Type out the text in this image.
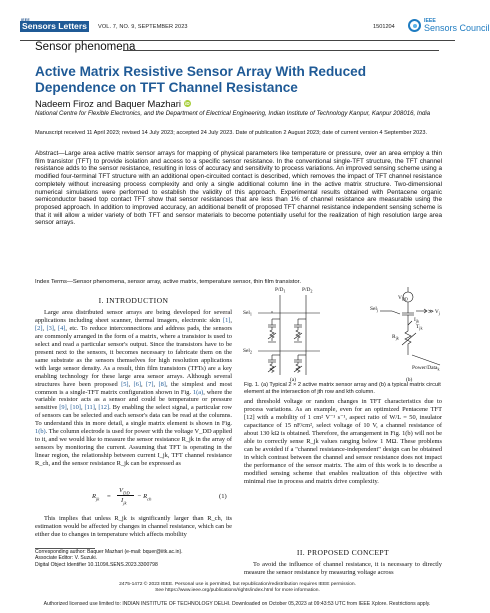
IEEE
Sensors Letters	VOL. 7, NO. 9, SEPTEMBER 2023	1501204
IEEE
Sensors Council
Sensor phenomena
Active Matrix Resistive Sensor Array With Reduced Dependence on TFT Channel Resistance
Nadeem Firoz and Baquer Mazhari iD
National Centre for Flexible Electronics, and the Department of Electrical Engineering, Indian Institute of Technology Kanpur, Kanpur 208016, India
Manuscript received 11 April 2023; revised 14 July 2023; accepted 24 July 2023. Date of publication 2 August 2023; date of current version 4 September 2023.
Abstract—Large area active matrix sensor arrays for mapping of physical parameters like temperature or pressure, over an area employ a thin film transistor (TFT) to provide isolation and access to a specific sensor resistance. In the conventional single-TFT structure, the TFT channel resistance adds to the sensor resistance, resulting in loss of accuracy and sensitivity to process variations. An improved sensing scheme using a modified four-terminal TFT structure with an additional open-circuited contact is described, which removes the impact of TFT channel resistance completely without increasing process complexity and only a single additional column line in the active matrix structure. Two-dimensional numerical simulations were performed to establish the validity of this approach. Experimental results obtained with Pentacene organic semiconductor based top contact TFT show that sensor resistances that are less than 1% of channel resistance are measurable using the proposed approach. In addition to improved accuracy, an additional benefit of proposed TFT channel resistance independent sensing scheme is that it will allow a wider variety of both TFT and sensor materials to become potentially useful for the realization of high resolution large area sensor arrays.
Index Terms—Sensor phenomena, sensor array, active matrix, temperature sensor, thin film transistor.
I. INTRODUCTION

Large area distributed sensor arrays are being developed for several applications including sheet scanner, thermal imagers, electronic skin [1], [2], [3], [4], etc. To reduce interconnections and address pads, the sensors are commonly arranged in the form of a matrix, where a transistor is used to select and read a particular sensor's output. Since the transistors have to be present next to the sensors, it becomes necessary to fabricate them on the same substrate as the sensors themselves for high resolution applications with large sensor density. As a result, thin film transistors (TFTs) are a key enabling technology for these large area sensor arrays. Although several structures have been proposed [5], [6], [7], [8], the simplest and most common is a single-TFT matrix configuration shown in Fig. 1(a), where the variable resistor acts as a sensor and could be temperature or pressure sensitive [9], [10], [11], [12]. By enabling the select signal, a particular row of sensors can be selected and each sensor's data can be read at the columns. To understand this in more detail, a single matrix element is shown in Fig. 1(b). The column electrode is used for power with the voltage V_DD applied to it, and we would like to measure the sensor resistance R_jk in the array of sensors by monitoring the current. Assuming that TFT is operating in the linear region, the relationship between current I_jk, TFT channel resistance R_ch, and the sensor resistance R_jk can be expressed as

$R_{jk}$ =
$V_{DD}$
$I_{jk}$
− $R_{ch}$	(1)

This implies that unless R_jk is significantly larger than R_ch, its estimation would be affected by changes in channel resistance, which can be either due to changes in temperature which affects mobility

Corresponding author: Baquer Mazhari (e-mail: bquer@iitk.ac.in).
Associate Editor: V. Suzuki.
Digital Object Identifier 10.1109/LSENS.2023.3300798
$P/D_1$	$P/D_2$
Sel$_1$
Sel$_2$
(a)
$V_{DD}$
Sel$_j$	≫ $V_j$
$I_{jk}$
$T_{jk}$
$R_{jk}$
Power/Data$_k$
(b)
Fig. 1. (a) Typical 2 × 2 active matrix sensor array and (b) a typical matrix circuit element at the intersection of jth row and kth column.

and threshold voltage or random changes in TFT characteristics due to process variations. As an example, even for an optimized Pentacene TFT [12] with a mobility of 1 cm² V⁻¹ s⁻¹, aspect ratio of W/L = 50, insulator capacitance of 15 nF/cm², select voltage of 10 V, a channel resistance of about 130 kΩ is obtained. Therefore, the arrangement in Fig. 1(b) will not be able to correctly sense R_jk values ranging below 1 MΩ. These problems can be avoided if a "channel resistance-independent" design can be obtained in which contrast between the channel and sensor resistance does not impact the performance of the sensor matrix. The aim of this work is to describe a modified sensing scheme that enables realization of this objective with minimal rise in process and matrix drive complexity.

II. PROPOSED CONCEPT

To avoid the influence of channel resistance, it is necessary to directly measure the sensor resistance by measuring voltage across

2475-1472 © 2023 IEEE. Personal use is permitted, but republication/redistribution requires IEEE permission.
See https://www.ieee.org/publications/rights/index.html for more information.
Authorized licensed use limited to: INDIAN INSTITUTE OF TECHNOLOGY DELHI. Downloaded on October 05,2023 at 09:43:53 UTC from IEEE Xplore. Restrictions apply.
